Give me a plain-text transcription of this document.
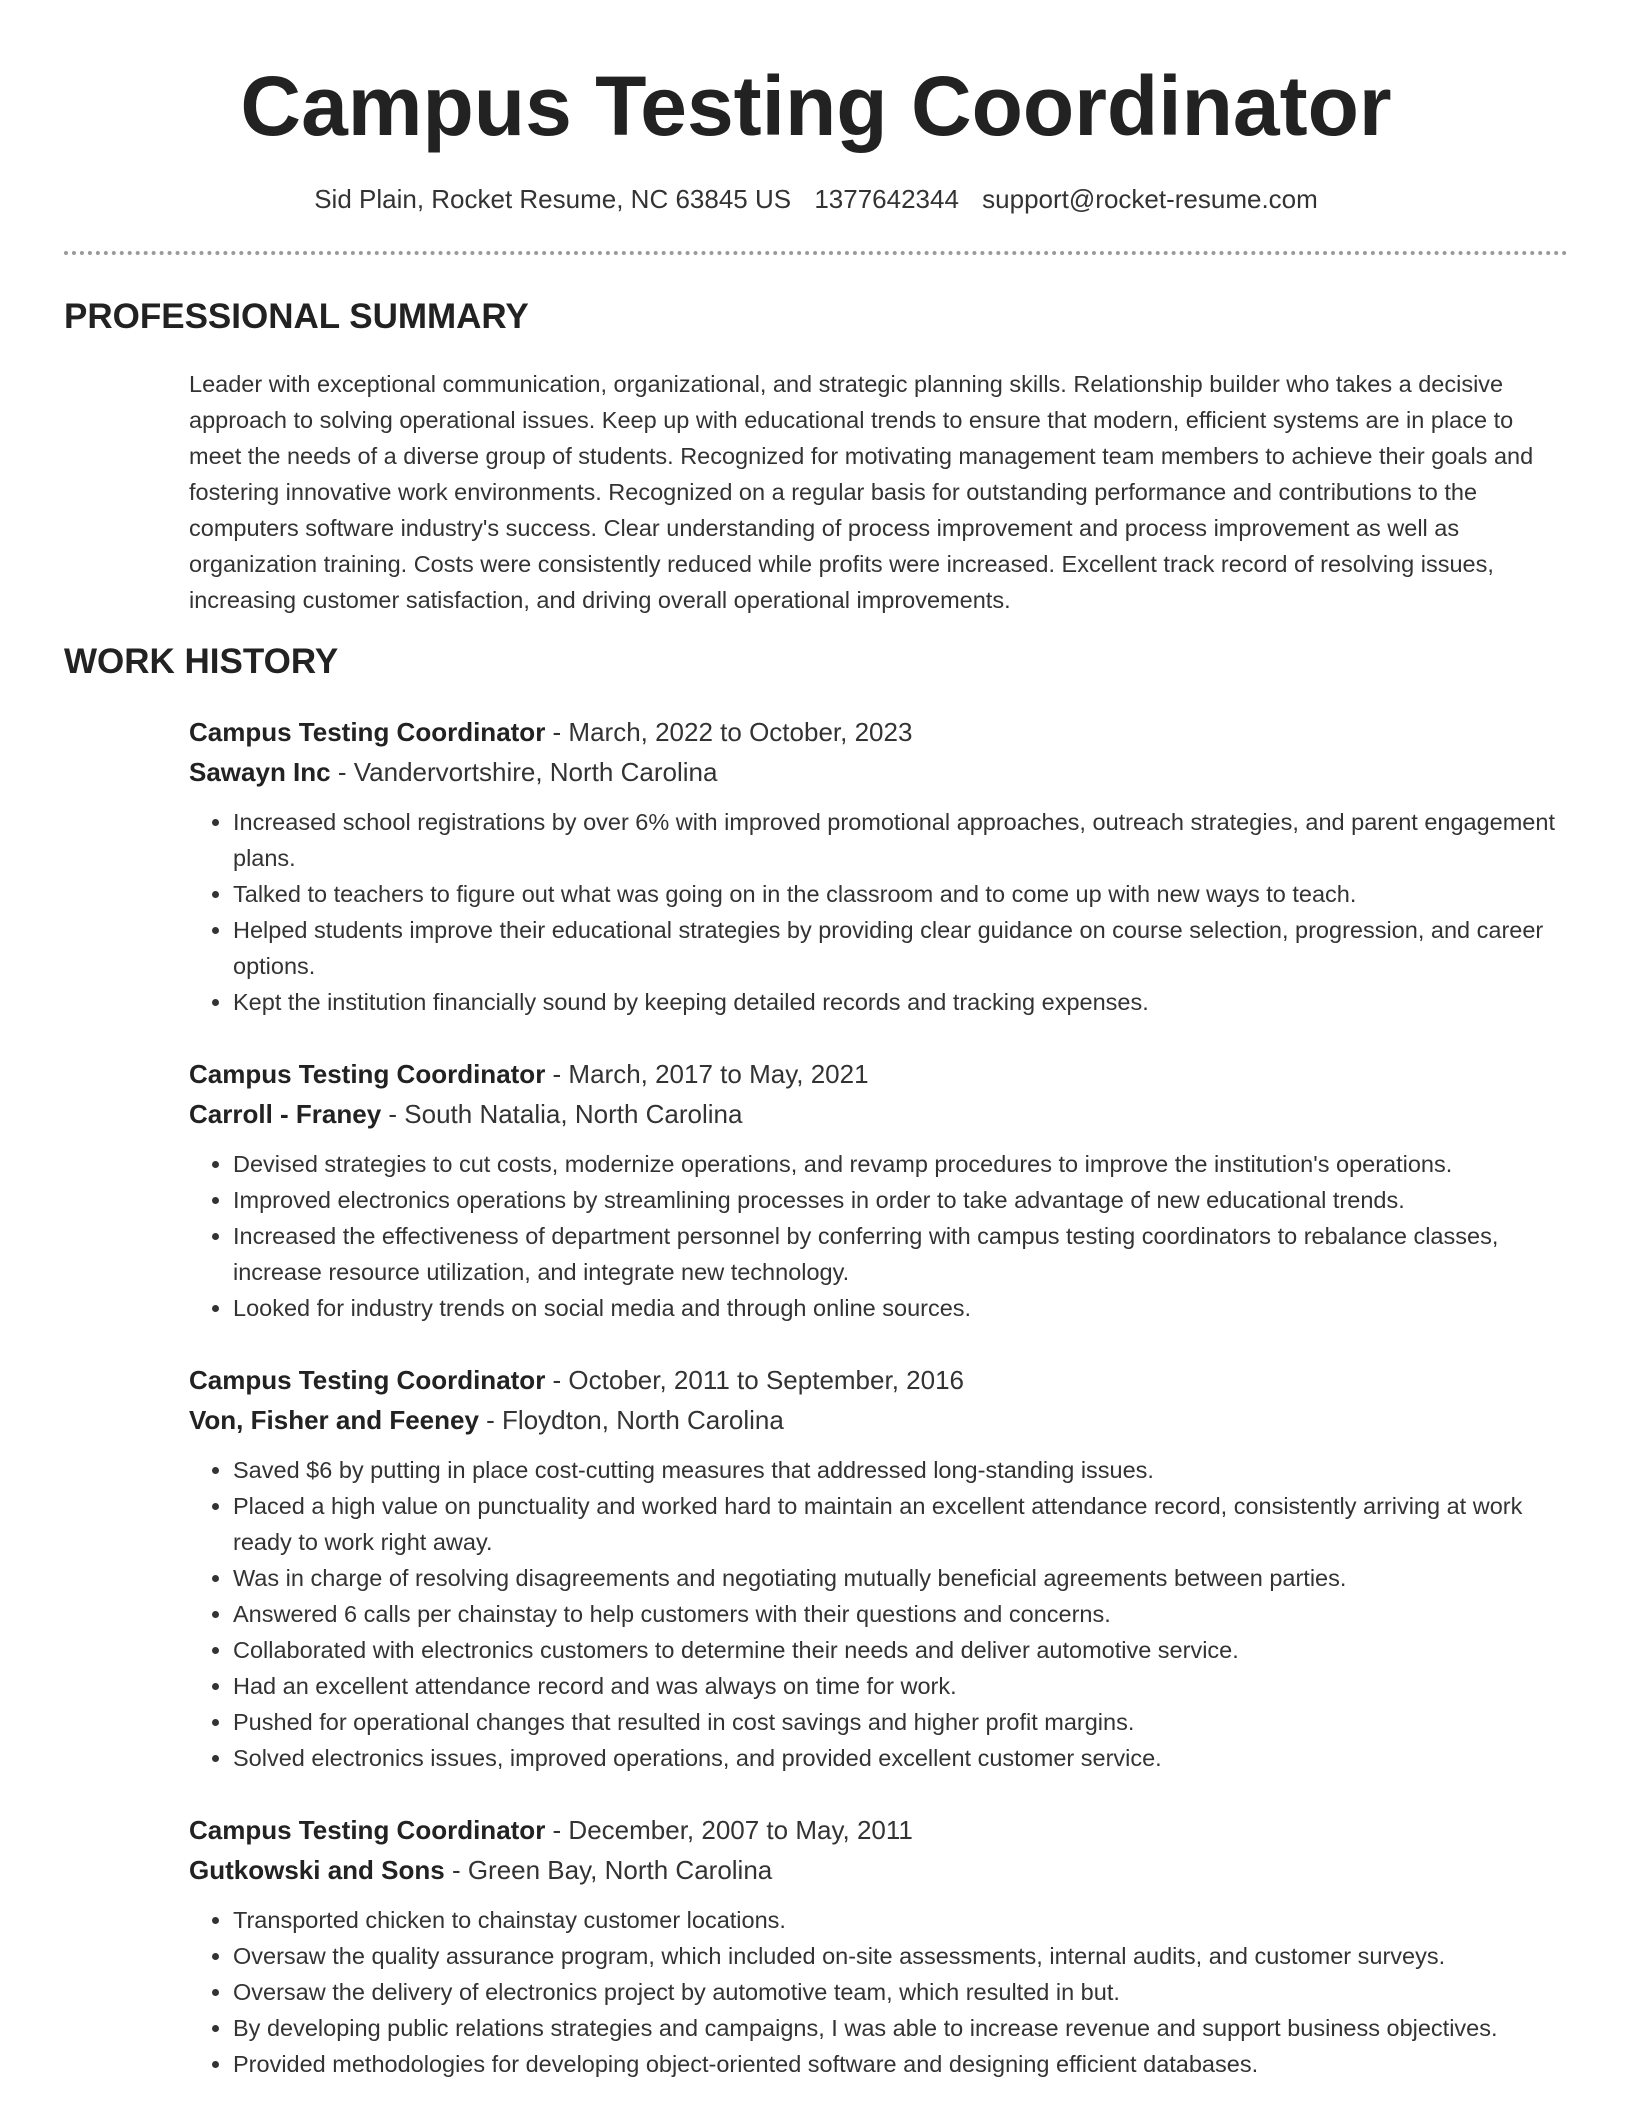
Campus Testing Coordinator
Sid Plain, Rocket Resume, NC 63845 US 1377642344 support@rocket-resume.com
PROFESSIONAL SUMMARY

Leader with exceptional communication, organizational, and strategic planning skills. Relationship builder who takes a decisive approach to solving operational issues. Keep up with educational trends to ensure that modern, efficient systems are in place to meet the needs of a diverse group of students. Recognized for motivating management team members to achieve their goals and fostering innovative work environments. Recognized on a regular basis for outstanding performance and contributions to the computers software industry's success. Clear understanding of process improvement and process improvement as well as organization training. Costs were consistently reduced while profits were increased. Excellent track record of resolving issues, increasing customer satisfaction, and driving overall operational improvements.

WORK HISTORY
Campus Testing Coordinator - March, 2022 to October, 2023
Sawayn Inc - Vandervortshire, North Carolina
• Increased school registrations by over 6% with improved promotional approaches, outreach strategies, and parent engagement plans.
• Talked to teachers to figure out what was going on in the classroom and to come up with new ways to teach.
• Helped students improve their educational strategies by providing clear guidance on course selection, progression, and career options.
• Kept the institution financially sound by keeping detailed records and tracking expenses.
Campus Testing Coordinator - March, 2017 to May, 2021
Carroll - Franey - South Natalia, North Carolina
• Devised strategies to cut costs, modernize operations, and revamp procedures to improve the institution's operations.
• Improved electronics operations by streamlining processes in order to take advantage of new educational trends.
• Increased the effectiveness of department personnel by conferring with campus testing coordinators to rebalance classes, increase resource utilization, and integrate new technology.
• Looked for industry trends on social media and through online sources.
Campus Testing Coordinator - October, 2011 to September, 2016
Von, Fisher and Feeney - Floydton, North Carolina
• Saved $6 by putting in place cost-cutting measures that addressed long-standing issues.
• Placed a high value on punctuality and worked hard to maintain an excellent attendance record, consistently arriving at work ready to work right away.
• Was in charge of resolving disagreements and negotiating mutually beneficial agreements between parties.
• Answered 6 calls per chainstay to help customers with their questions and concerns.
• Collaborated with electronics customers to determine their needs and deliver automotive service.
• Had an excellent attendance record and was always on time for work.
• Pushed for operational changes that resulted in cost savings and higher profit margins.
• Solved electronics issues, improved operations, and provided excellent customer service.
Campus Testing Coordinator - December, 2007 to May, 2011
Gutkowski and Sons - Green Bay, North Carolina
• Transported chicken to chainstay customer locations.
• Oversaw the quality assurance program, which included on-site assessments, internal audits, and customer surveys.
• Oversaw the delivery of electronics project by automotive team, which resulted in but.
• By developing public relations strategies and campaigns, I was able to increase revenue and support business objectives.
• Provided methodologies for developing object-oriented software and designing efficient databases.
